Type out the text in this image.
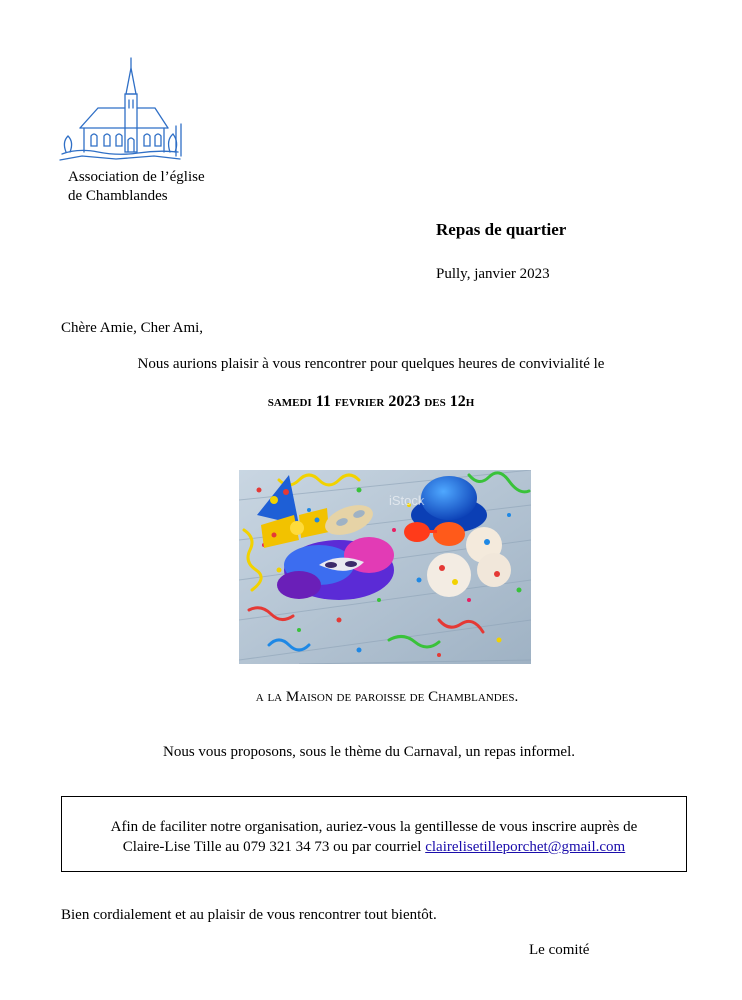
Association de l’église
de Chamblandes
Repas de quartier
Pully, janvier 2023
Chère Amie, Cher Ami,
Nous aurions plaisir à vous rencontrer pour quelques heures de convivialité le
samedi 11 fevrier 2023 des 12h
iStock
a la Maison de paroisse de Chamblandes.
Nous vous proposons, sous le thème du Carnaval, un repas informel.
Afin de faciliter notre organisation, auriez-vous la gentillesse de vous inscrire auprès de
Claire-Lise Tille au 079 321 34 73 ou par courriel clairelisetilleporchet@gmail.com
Bien cordialement et au plaisir de vous rencontrer tout bientôt.
Le comité
